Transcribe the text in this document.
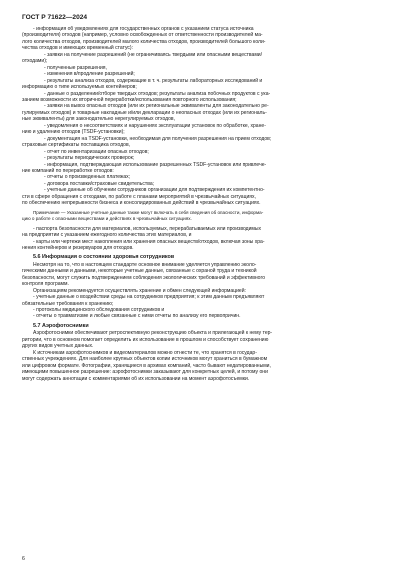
ГОСТ Р 71622—2024
- информация об уведомлениях для государственных органов с указанием статуса источника
(производителя) отходов (например, условно освобожденных от ответственности производителей ма-
лого количества отходов, производителей малого количества отходов, производителей большого коли-
чества отходов и имеющих временный статус):
- заявки на получение разрешений (не ограничиваясь твердыми или опасными веществами/
отходами);
- полученные разрешения,
- изменения в/продление разрешений;
- результаты анализа отходов, содержащие в т. ч. результаты лабораторных исследований и
информацию о типе используемых контейнеров;
- данные о разделении/отборе твердых отходов; результаты анализа побочных продуктов с ука-
занием возможности их вторичной переработки/использования повторного использования;
- заявки на вывоз опасных отходов (или их региональные эквиваленты для законодательно ре-
гулируемых отходов) и товарные накладные и/или декларации о неопасных отходах (или их региональ-
ные эквиваленты) для законодательно нерегулируемых отходов,
- уведомления о несоответствиях и нарушениях эксплуатации установок по обработке, хране-
нию и удалению отходов (TSDF-установки);
- документация на TSDF-установки, необходимая для получения разрешения на прием отходов;
страховые сертификаты поставщика отходов,
- отчет по инвентаризации опасных отходов;
- результаты периодических проверок;
- информация, подтверждающая использование разрешенных TSDF-установок или привлече-
ние компаний по переработке отходов:
- отчеты о произведенных платежах;
- договора поставки/страховые свидетельства;
- учетные данные об обучении сотрудников организации для подтверждения их компетентно-
сти в сфере обращения с отходами, по работе с планами мероприятий в чрезвычайных ситуациях,
по обеспечению непрерывности бизнеса и консолидированных действий в чрезвычайных ситуациях.
Примечание — Указанные учетные данные также могут включать в себя сведения об опасности, информа-
цию о работе с опасными веществами и действиях в чрезвычайных ситуациях.
- паспорта безопасности для материалов, используемых, перерабатываемых или производимых
на предприятии с указанием ежегодного количества этих материалов, и
- карты или чертежи мест накопления или хранения опасных веществ/отходов, включая зоны хра-
нения контейнеров и резервуаров для отходов.
5.6 Информация о состоянии здоровья сотрудников
Несмотря на то, что в настоящем стандарте основное внимание уделяется управлению эколо-
гическими данными и данными, некоторые учетные данные, связанные с охраной труда и техникой
безопасности, могут служить подтверждением соблюдения экологических требований и эффективного
контроля программ.
Организациям рекомендуется осуществлять хранение и обмен следующей информацией:
- учетные данные о воздействии среды на сотрудников предприятия; к этим данным предъявляют
обязательные требования к хранению;
- протоколы медицинского обследования сотрудников и
- отчеты о травматизме и любые связанные с ними отчеты по анализу его первопричин.
5.7 Аэрофотоснимки
Аэрофотоснимки обеспечивают ретроспективную реконструкцию объекта и прилегающей к нему тер-
ритории, что в основном помогает определить их использование в прошлом и способствует сохранению
других видов учетных данных.
К источникам аэрофотоснимков и видеоматериалов можно отнести те, что хранятся в государ-
ственных учреждениях. Для наиболее крупных объектов копии источников могут храниться в бумажном
или цифровом формате. Фотографии, хранящиеся в архивах компаний, часто бывают недатированными,
имеющими повышенное разрешение: аэрофотоснимки заказывают для конкретных целей, и потому они
могут содержать аннотации с комментариями об их использовании на момент аэрофотосъемки.
6
